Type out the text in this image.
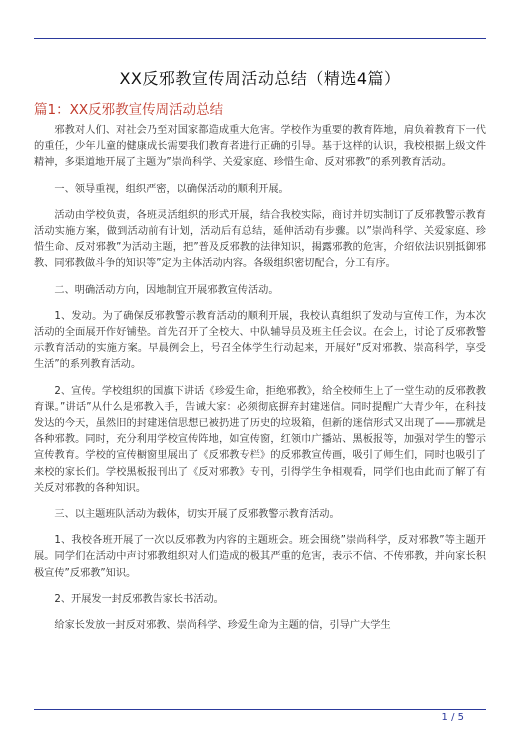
XX反邪教宣传周活动总结（精选4篇）
篇1：XX反邪教宣传周活动总结

邪教对人们、对社会乃至对国家都造成重大危害。学校作为重要的教育阵地，肩负着教育下一代的重任，少年儿童的健康成长需要我们教育者进行正确的引导。基于这样的认识，我校根据上级文件精神，多渠道地开展了主题为”崇尚科学、关爱家庭、珍惜生命、反对邪教”的系列教育活动。

一、领导重视，组织严密，以确保活动的顺利开展。

活动由学校负责，各班灵活组织的形式开展，结合我校实际，商讨并切实制订了反邪教警示教育活动实施方案，做到活动前有计划，活动后有总结，延伸活动有步骤。以”崇尚科学、关爱家庭、珍惜生命、反对邪教”为活动主题，把”普及反邪教的法律知识，揭露邪教的危害，介绍依法识别抵御邪教、同邪教做斗争的知识等”定为主体活动内容。各级组织密切配合，分工有序。

二、明确活动方向，因地制宜开展邪教宣传活动。

1、发动。为了确保反邪教警示教育活动的顺利开展，我校认真组织了发动与宣传工作，为本次活动的全面展开作好铺垫。首先召开了全校大、中队辅导员及班主任会议。在会上，讨论了反邪教警示教育活动的实施方案。早晨例会上，号召全体学生行动起来，开展好”反对邪教、崇高科学，享受生活”的系列教育活动。

2、宣传。学校组织的国旗下讲话《珍爱生命，拒绝邪教》，给全校师生上了一堂生动的反邪教教育课。”讲话”从什么是邪教入手，告诫大家：必须彻底摒弃封建迷信。同时提醒广大青少年，在科技发达的今天，虽然旧的封建迷信思想已被扔进了历史的垃圾箱，但新的迷信形式又出现了——那就是各种邪教。同时，充分利用学校宣传阵地，如宣传窗，红领巾广播站、黑板报等，加强对学生的警示宣传教育。学校的宣传橱窗里展出了《反邪教专栏》的反邪教宣传画，吸引了师生们，同时也吸引了来校的家长们。学校黑板报刊出了《反对邪教》专刊，引得学生争相观看，同学们也由此而了解了有关反对邪教的各种知识。

三、以主题班队活动为载体，切实开展了反邪教警示教育活动。

1、我校各班开展了一次以反邪教为内容的主题班会。班会围绕”崇尚科学，反对邪教”等主题开展。同学们在活动中声讨邪教组织对人们造成的极其严重的危害，表示不信、不传邪教，并向家长积极宣传”反邪教”知识。

2、开展发一封反邪教告家长书活动。

给家长发放一封反对邪教、崇尚科学、珍爱生命为主题的信，引导广大学生

1 / 5
